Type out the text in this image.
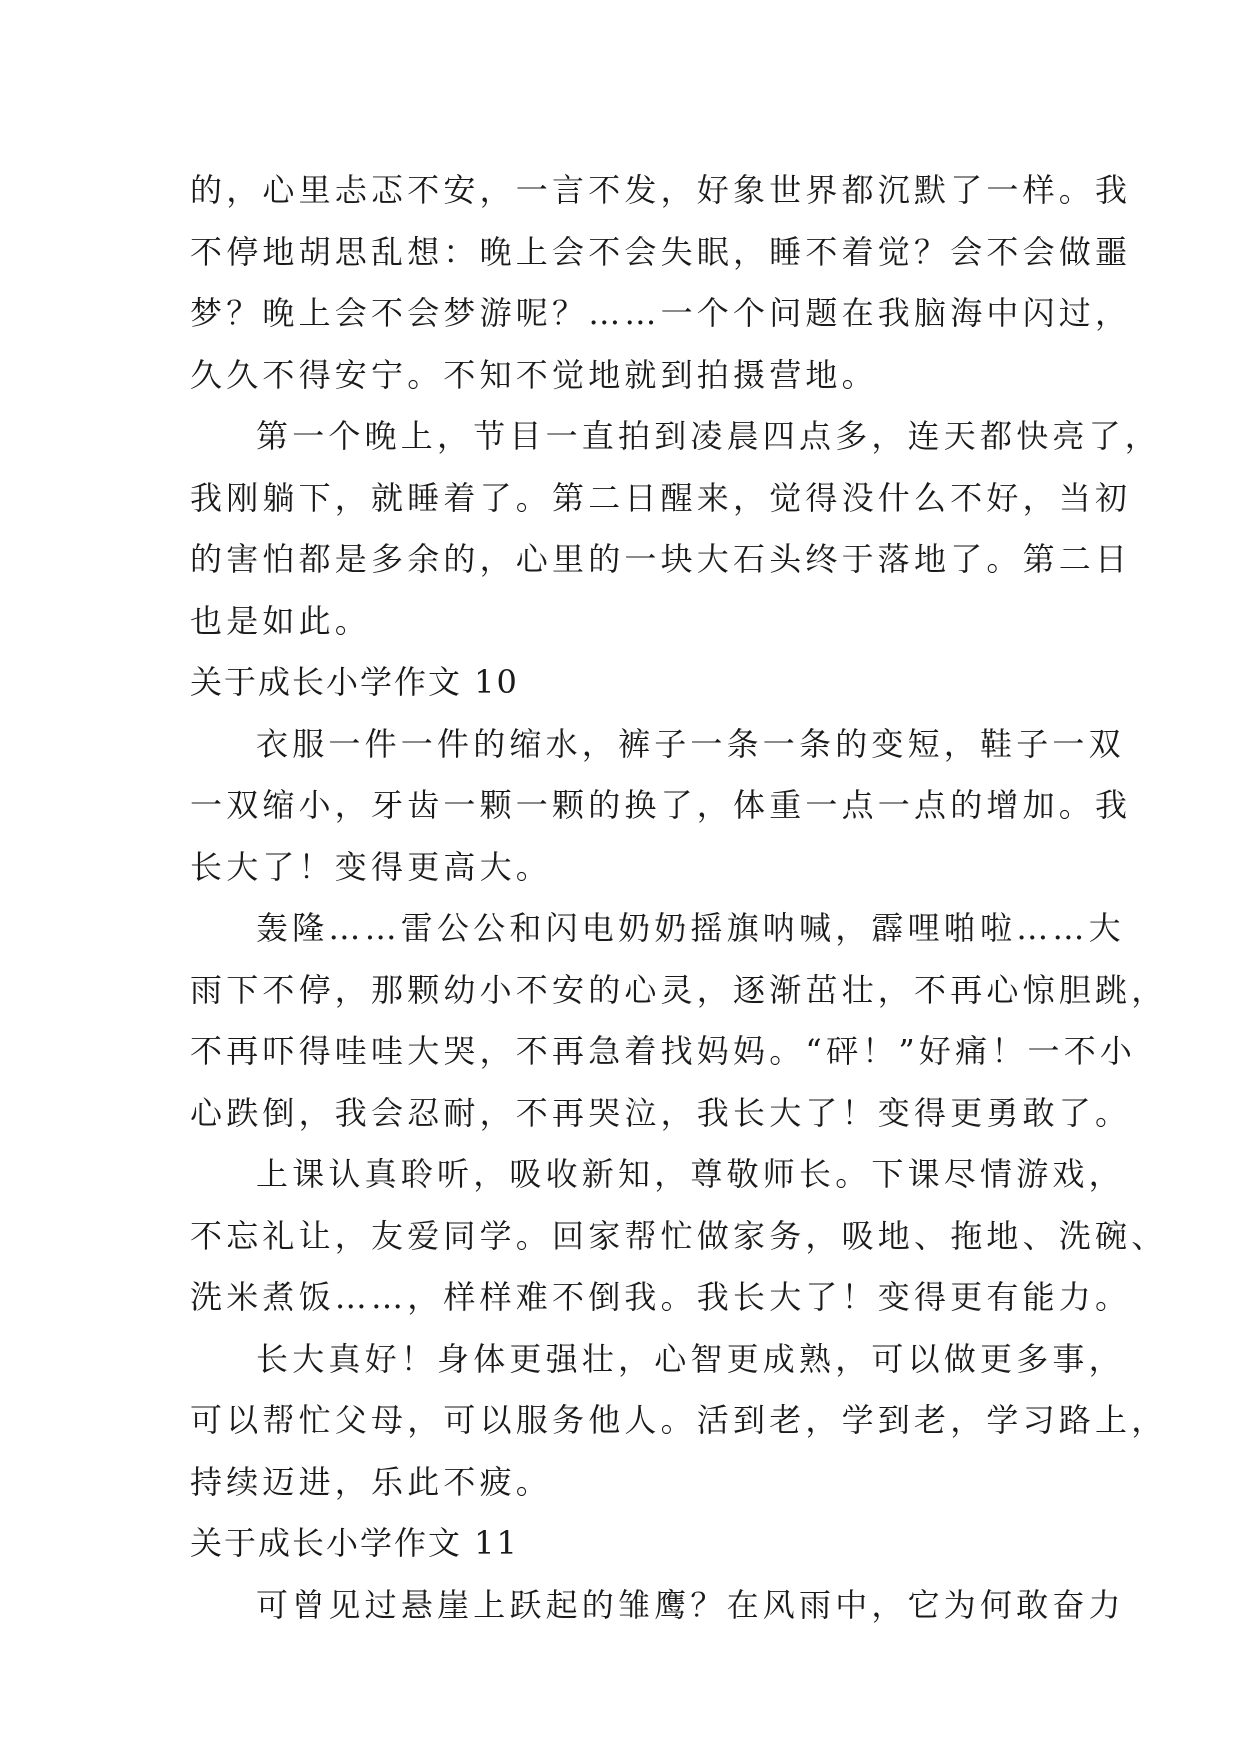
的，心里忐忑不安，一言不发，好象世界都沉默了一样。我
不停地胡思乱想：晚上会不会失眠，睡不着觉？会不会做噩
梦？晚上会不会梦游呢？……一个个问题在我脑海中闪过，
久久不得安宁。不知不觉地就到拍摄营地。
第一个晚上，节目一直拍到凌晨四点多，连天都快亮了，
我刚躺下，就睡着了。第二日醒来，觉得没什么不好，当初
的害怕都是多余的，心里的一块大石头终于落地了。第二日
也是如此。
关于成长小学作文 10
衣服一件一件的缩水，裤子一条一条的变短，鞋子一双
一双缩小，牙齿一颗一颗的换了，体重一点一点的增加。我
长大了！变得更高大。
轰隆……雷公公和闪电奶奶摇旗呐喊，霹哩啪啦……大
雨下不停，那颗幼小不安的心灵，逐渐茁壮，不再心惊胆跳，
不再吓得哇哇大哭，不再急着找妈妈。“砰！”好痛！一不小
心跌倒，我会忍耐，不再哭泣，我长大了！变得更勇敢了。
上课认真聆听，吸收新知，尊敬师长。下课尽情游戏，
不忘礼让，友爱同学。回家帮忙做家务，吸地、拖地、洗碗、
洗米煮饭……，样样难不倒我。我长大了！变得更有能力。
长大真好！身体更强壮，心智更成熟，可以做更多事，
可以帮忙父母，可以服务他人。活到老，学到老，学习路上，
持续迈进，乐此不疲。
关于成长小学作文 11
可曾见过悬崖上跃起的雏鹰？在风雨中，它为何敢奋力
